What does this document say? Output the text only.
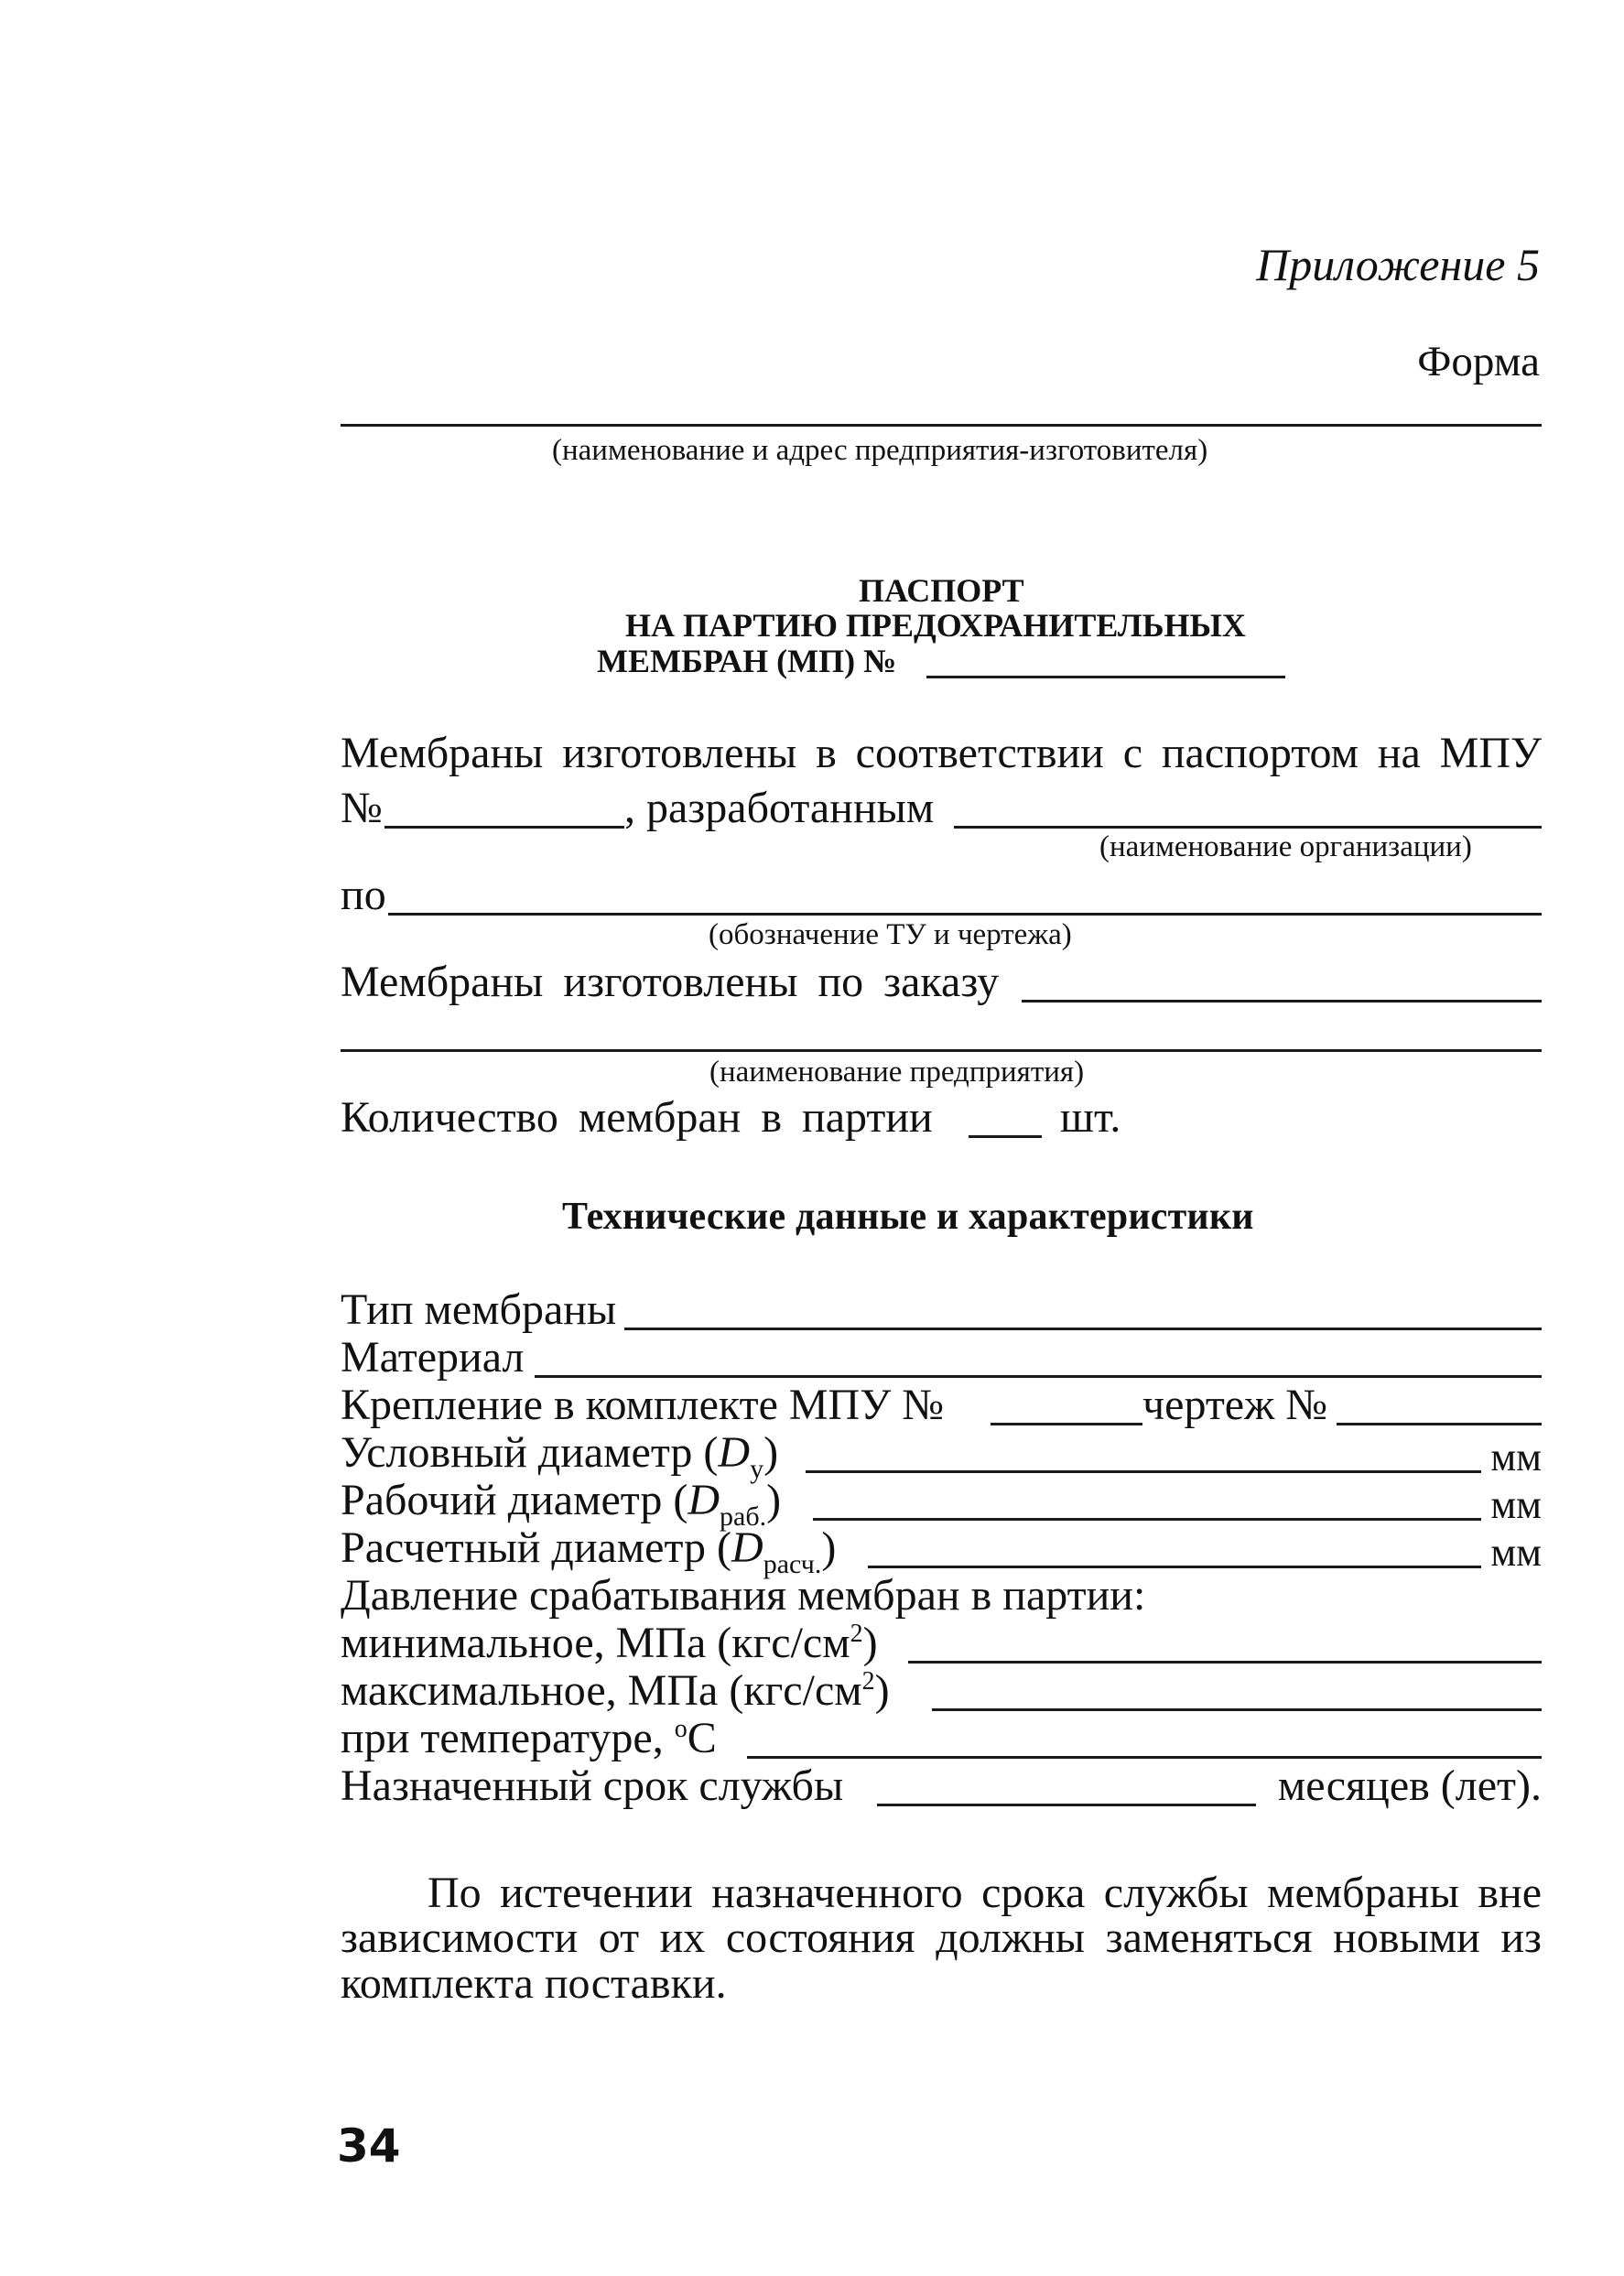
Приложение 5
Форма
(наименование и адрес предприятия-изготовителя)
ПАСПОРТ
НА ПАРТИЮ ПРЕДОХРАНИТЕЛЬНЫХ
МЕМБРАН (МП) №
Мембраны изготовлены в соответствии с паспортом на МПУ
№	, разработанным
(наименование организации)
по
(обозначение ТУ и чертежа)
Мембраны изготовлены по заказу
(наименование предприятия)
Количество мембран в партии	шт.
Технические данные и характеристики
Тип мембраны
Материал
Крепление в комплекте МПУ №	чертеж №
Условный диаметр $(D_у)$	мм
Рабочий диаметр $(D_{раб.})$	мм
Расчетный диаметр $(D_{расч.})$	мм
Давление срабатывания мембран в партии:
минимальное, МПа $(кгс/см^2)$
максимальное, МПа $(кгс/см^2)$
при температуре, $^о$С
Назначенный срок службы	месяцев (лет).
По истечении назначенного срока службы мембраны вне
зависимости от их состояния должны заменяться новыми из
комплекта поставки.
34
